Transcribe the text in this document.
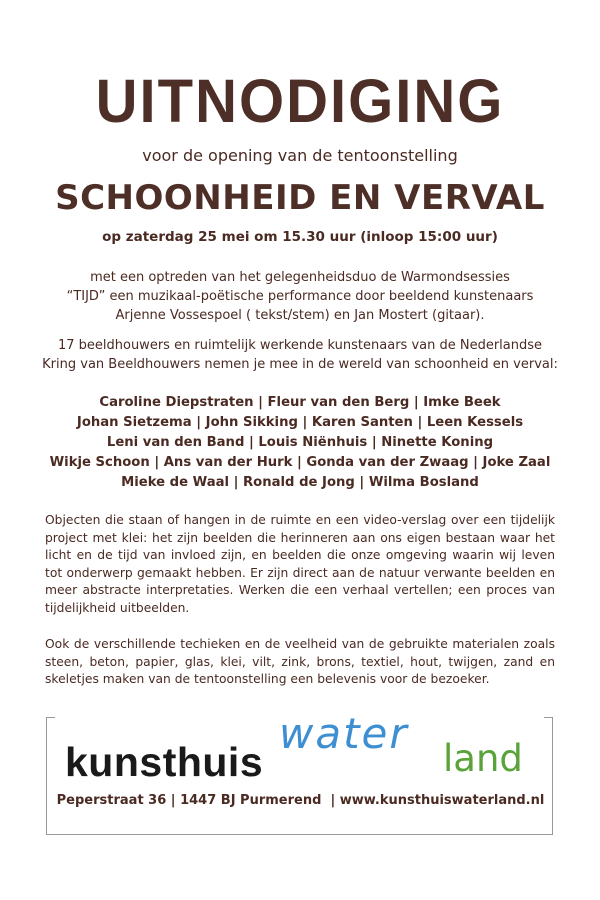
UITNODIGING
voor de opening van de tentoonstelling
SCHOONHEID EN VERVAL
op zaterdag 25 mei om 15.30 uur (inloop 15:00 uur)
met een optreden van het gelegenheidsduo de Warmondsessies
“TIJD” een muzikaal-poëtische performance door beeldend kunstenaars
Arjenne Vossespoel ( tekst/stem) en Jan Mostert (gitaar).
17 beeldhouwers en ruimtelijk werkende kunstenaars van de Nederlandse
Kring van Beeldhouwers nemen je mee in de wereld van schoonheid en verval:
Caroline Diepstraten | Fleur van den Berg | Imke Beek
Johan Sietzema | John Sikking | Karen Santen | Leen Kessels
Leni van den Band | Louis Niënhuis | Ninette Koning
Wikje Schoon | Ans van der Hurk | Gonda van der Zwaag | Joke Zaal
Mieke de Waal | Ronald de Jong | Wilma Bosland
Objecten die staan of hangen in de ruimte en een video-verslag over een tijdelijk project met klei: het zijn beelden die herinneren aan ons eigen bestaan waar het licht en de tijd van invloed zijn, en beelden die onze omgeving waarin wij leven tot onderwerp gemaakt hebben. Er zijn direct aan de natuur verwante beelden en meer abstracte interpretaties. Werken die een verhaal vertellen; een proces van tijdelijkheid uitbeelden.
Ook de verschillende techieken en de veelheid van de gebruikte materialen zoals steen, beton, papier, glas, klei, vilt, zink, brons, textiel, hout, twijgen, zand en skeletjes maken van de tentoonstelling een belevenis voor de bezoeker.
kunsthuis
water
land
Peperstraat 36 | 1447 BJ Purmerend  | www.kunsthuiswaterland.nl
